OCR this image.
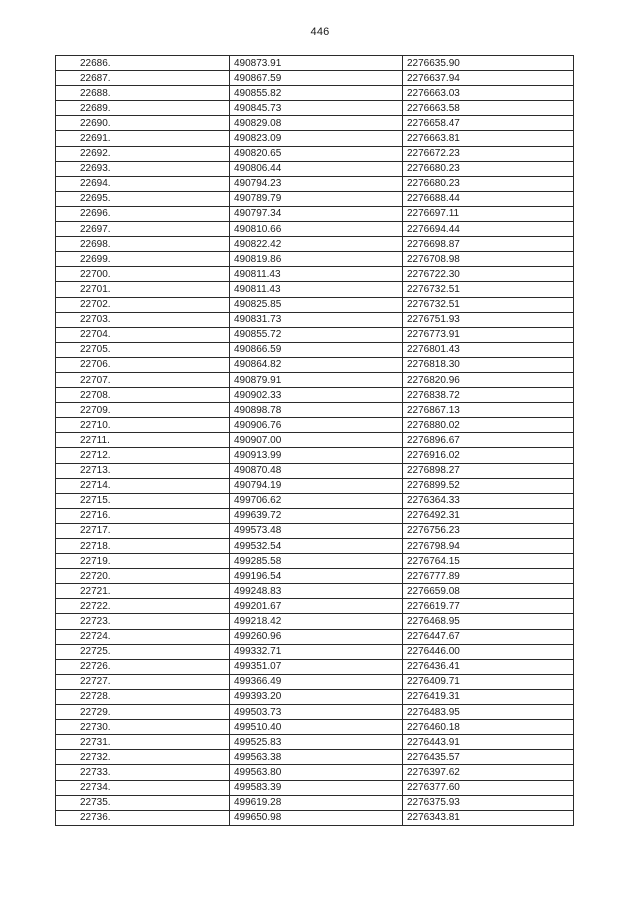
446
22686.	490873.91	2276635.90
22687.	490867.59	2276637.94
22688.	490855.82	2276663.03
22689.	490845.73	2276663.58
22690.	490829.08	2276658.47
22691.	490823.09	2276663.81
22692.	490820.65	2276672.23
22693.	490806.44	2276680.23
22694.	490794.23	2276680.23
22695.	490789.79	2276688.44
22696.	490797.34	2276697.11
22697.	490810.66	2276694.44
22698.	490822.42	2276698.87
22699.	490819.86	2276708.98
22700.	490811.43	2276722.30
22701.	490811.43	2276732.51
22702.	490825.85	2276732.51
22703.	490831.73	2276751.93
22704.	490855.72	2276773.91
22705.	490866.59	2276801.43
22706.	490864.82	2276818.30
22707.	490879.91	2276820.96
22708.	490902.33	2276838.72
22709.	490898.78	2276867.13
22710.	490906.76	2276880.02
22711.	490907.00	2276896.67
22712.	490913.99	2276916.02
22713.	490870.48	2276898.27
22714.	490794.19	2276899.52
22715.	499706.62	2276364.33
22716.	499639.72	2276492.31
22717.	499573.48	2276756.23
22718.	499532.54	2276798.94
22719.	499285.58	2276764.15
22720.	499196.54	2276777.89
22721.	499248.83	2276659.08
22722.	499201.67	2276619.77
22723.	499218.42	2276468.95
22724.	499260.96	2276447.67
22725.	499332.71	2276446.00
22726.	499351.07	2276436.41
22727.	499366.49	2276409.71
22728.	499393.20	2276419.31
22729.	499503.73	2276483.95
22730.	499510.40	2276460.18
22731.	499525.83	2276443.91
22732.	499563.38	2276435.57
22733.	499563.80	2276397.62
22734.	499583.39	2276377.60
22735.	499619.28	2276375.93
22736.	499650.98	2276343.81
